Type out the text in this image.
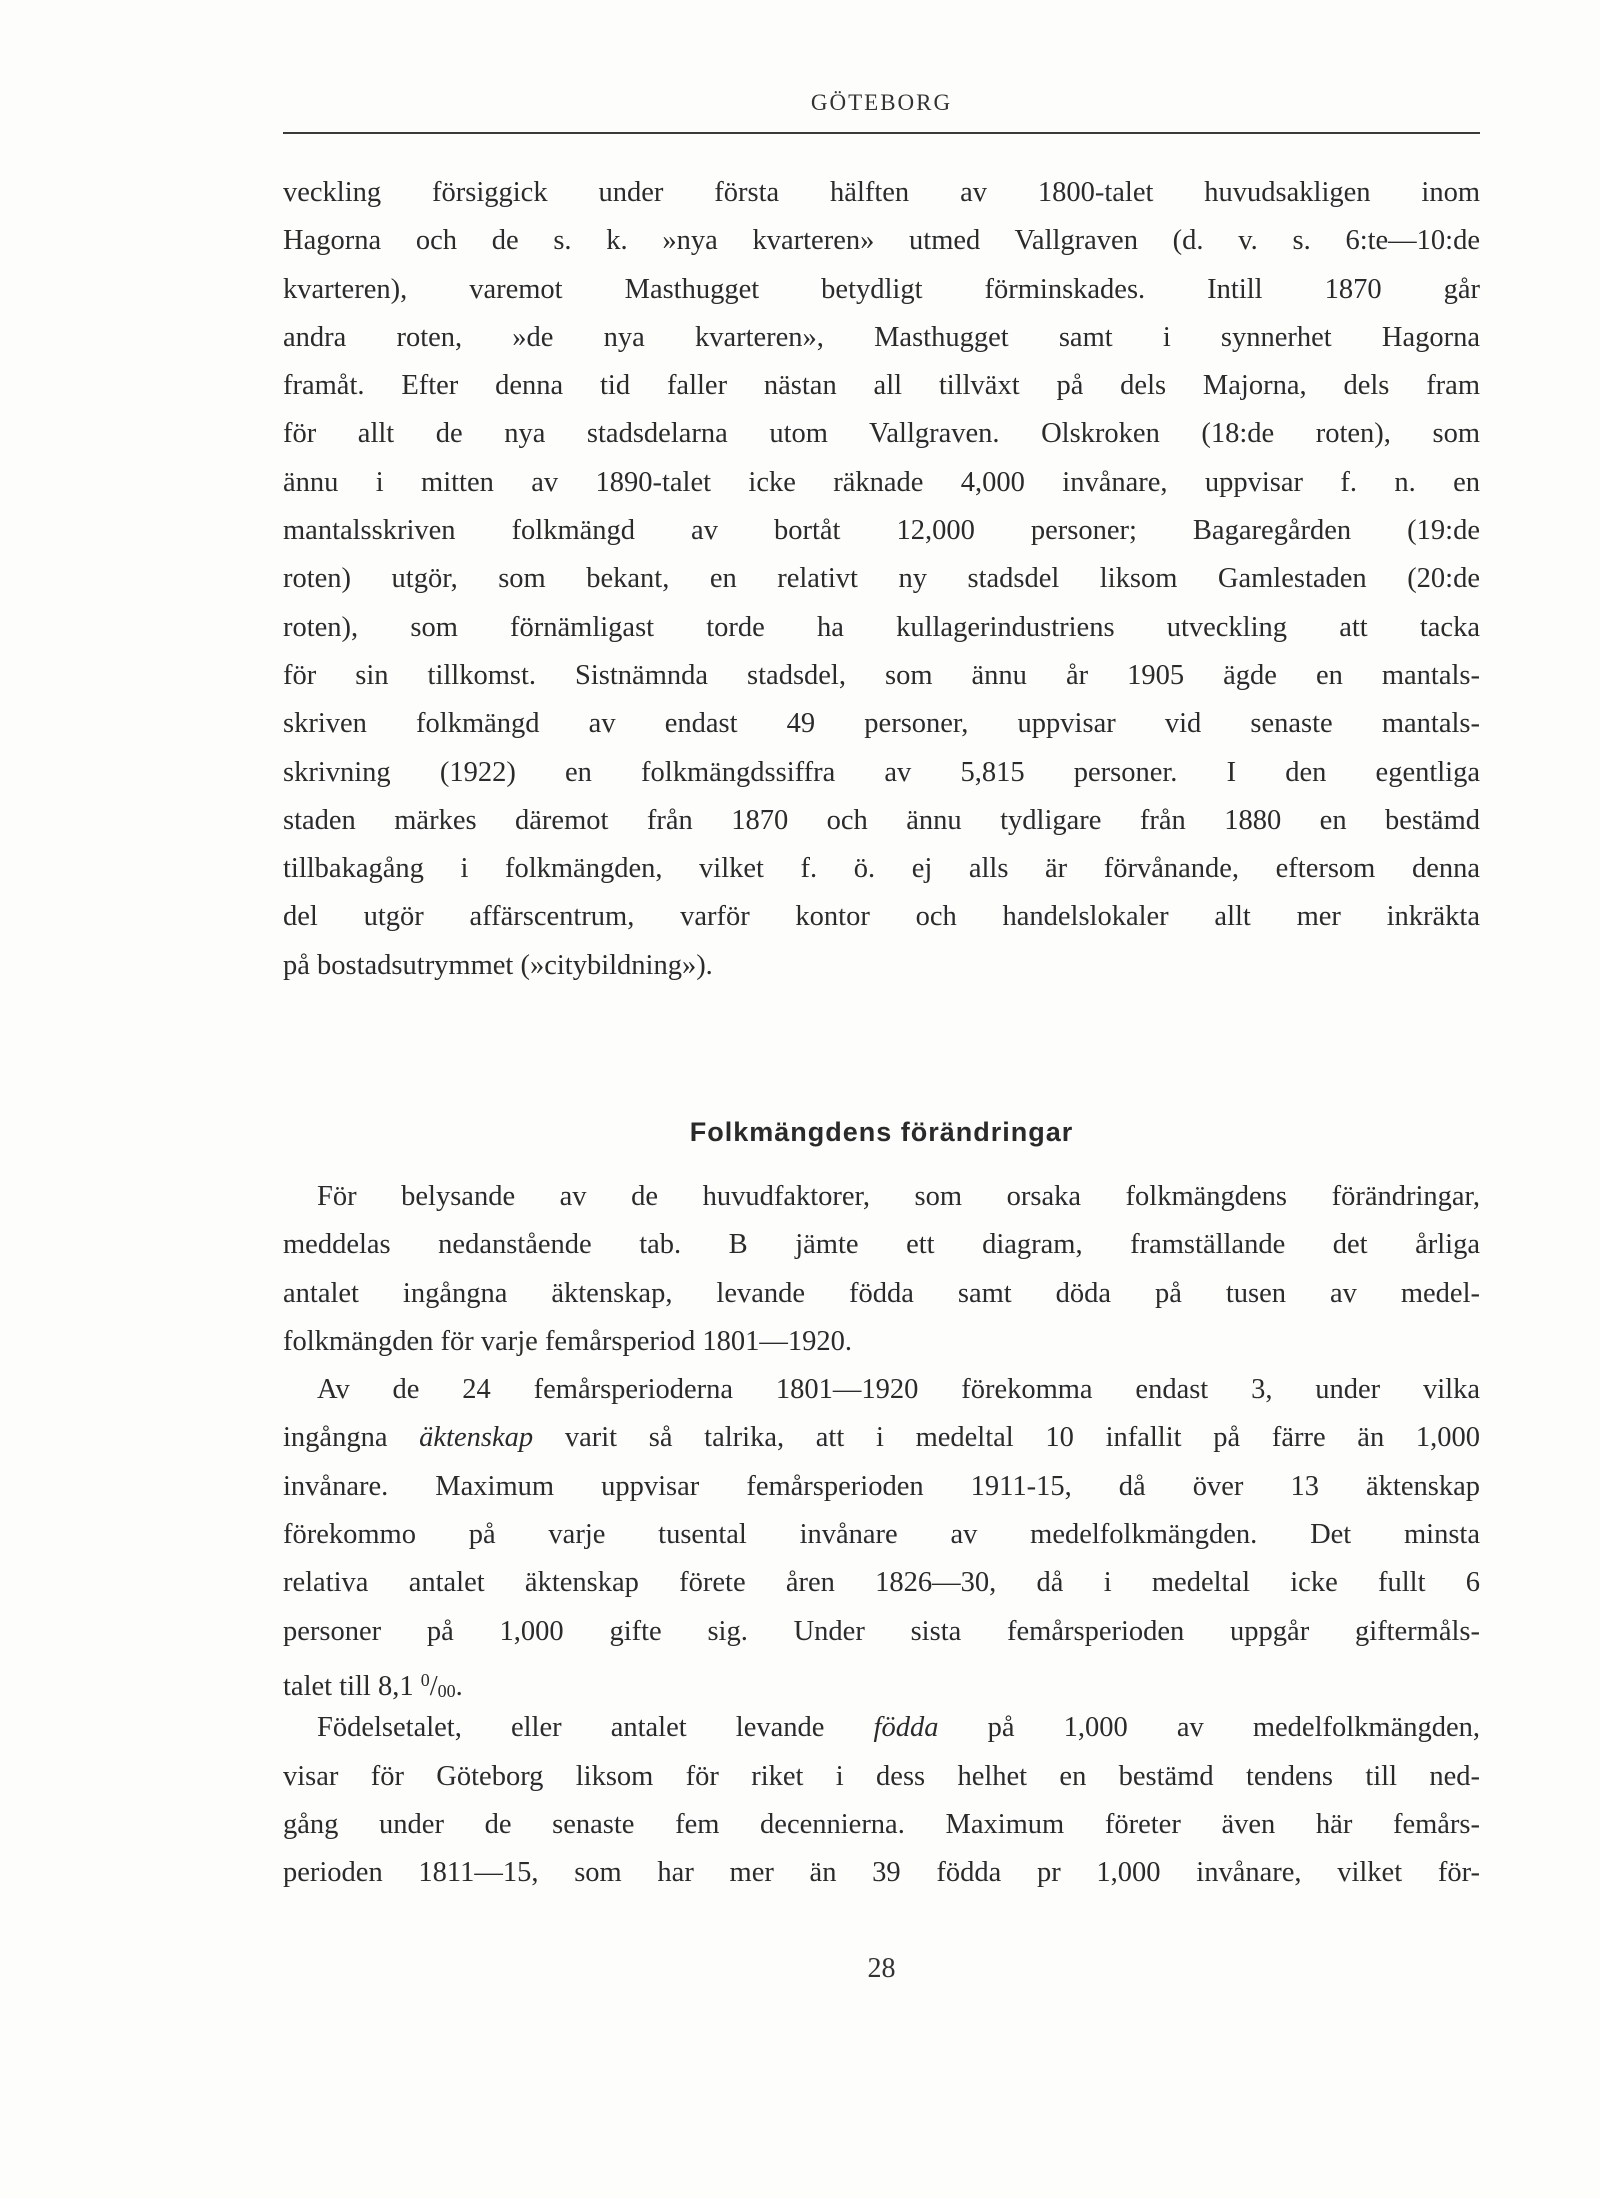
GÖTEBORG
veckling försiggick under första hälften av 1800-talet huvudsakligen inom
Hagorna och de s. k. »nya kvarteren» utmed Vallgraven (d. v. s. 6:te—10:de
kvarteren), varemot Masthugget betydligt förminskades. Intill 1870 går
andra roten, »de nya kvarteren», Masthugget samt i synnerhet Hagorna
framåt. Efter denna tid faller nästan all tillväxt på dels Majorna, dels fram
för allt de nya stadsdelarna utom Vallgraven. Olskroken (18:de roten), som
ännu i mitten av 1890-talet icke räknade 4,000 invånare, uppvisar f. n. en
mantalsskriven folkmängd av bortåt 12,000 personer; Bagaregården (19:de
roten) utgör, som bekant, en relativt ny stadsdel liksom Gamlestaden (20:de
roten), som förnämligast torde ha kullagerindustriens utveckling att tacka
för sin tillkomst. Sistnämnda stadsdel, som ännu år 1905 ägde en mantals-
skriven folkmängd av endast 49 personer, uppvisar vid senaste mantals-
skrivning (1922) en folkmängdssiffra av 5,815 personer. I den egentliga
staden märkes däremot från 1870 och ännu tydligare från 1880 en bestämd
tillbakagång i folkmängden, vilket f. ö. ej alls är förvånande, eftersom denna
del utgör affärscentrum, varför kontor och handelslokaler allt mer inkräkta
på bostadsutrymmet (»citybildning»).
Folkmängdens förändringar
För belysande av de huvudfaktorer, som orsaka folkmängdens förändringar,
meddelas nedanstående tab. B jämte ett diagram, framställande det årliga
antalet ingångna äktenskap, levande födda samt döda på tusen av medel-
folkmängden för varje femårsperiod 1801—1920.
Av de 24 femårsperioderna 1801—1920 förekomma endast 3, under vilka
ingångna äktenskap varit så talrika, att i medeltal 10 infallit på färre än 1,000
invånare. Maximum uppvisar femårsperioden 1911-15, då över 13 äktenskap
förekommo på varje tusental invånare av medelfolkmängden. Det minsta
relativa antalet äktenskap förete åren 1826—30, då i medeltal icke fullt 6
personer på 1,000 gifte sig. Under sista femårsperioden uppgår giftermåls-
talet till 8,1 $^0/_{00}$.
Födelsetalet, eller antalet levande födda på 1,000 av medelfolkmängden,
visar för Göteborg liksom för riket i dess helhet en bestämd tendens till ned-
gång under de senaste fem decennierna. Maximum företer även här femårs-
perioden 1811—15, som har mer än 39 födda pr 1,000 invånare, vilket för-
28
